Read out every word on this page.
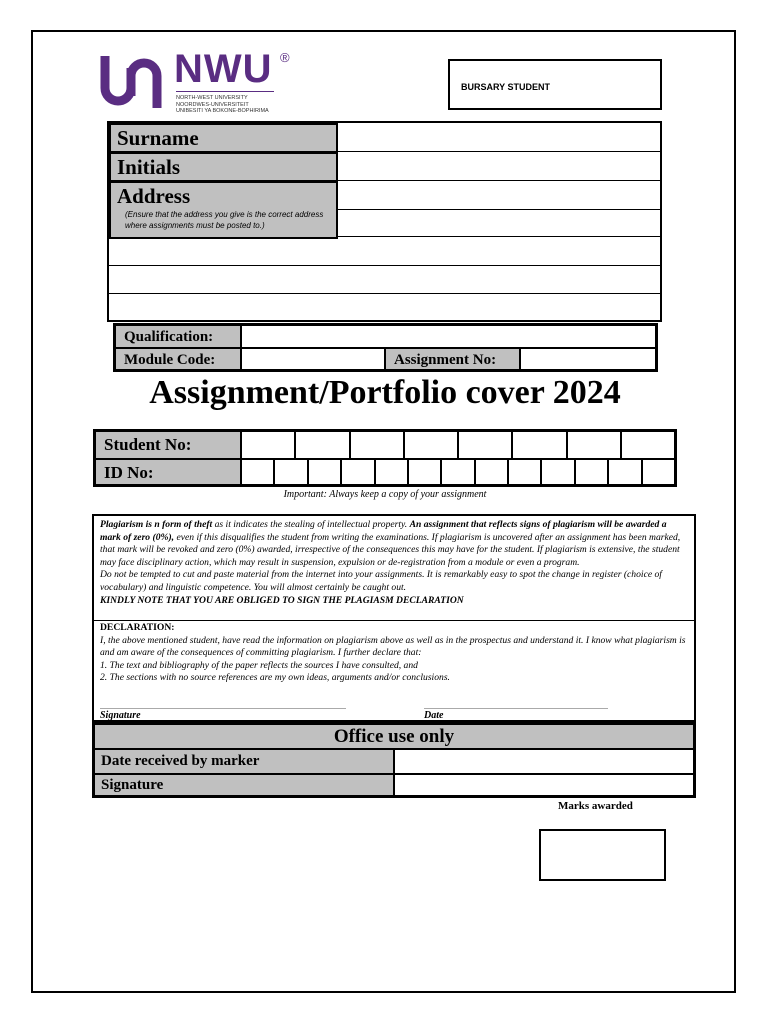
NWU ®
NORTH-WEST UNIVERSITY
NOORDWES-UNIVERSITEIT
UNIBESITI YA BOKONE-BOPHIRIMA
BURSARY STUDENT
Surname
Initials
Address
(Ensure that the address you give is the correct address where assignments must be posted to.)
Qualification:
Module Code:	Assignment No:
Assignment/Portfolio cover 2024
Student No:
ID No:
Important: Always keep a copy of your assignment
Plagiarism is n form of theft as it indicates the stealing of intellectual property. An assignment that reflects signs of plagiarism will be awarded a mark of zero (0%), even if this disqualifies the student from writing the examinations. If plagiarism is uncovered after an assignment has been marked, that mark will be revoked and zero (0%) awarded, irrespective of the consequences this may have for the student. If plagiarism is extensive, the student may face disciplinary action, which may result in suspension, expulsion or de-registration from a module or even a program.
Do not be tempted to cut and paste material from the internet into your assignments. It is remarkably easy to spot the change in register (choice of vocabulary) and linguistic competence. You will almost certainly be caught out.
KINDLY NOTE THAT YOU ARE OBLIGED TO SIGN THE PLAGIASM DECLARATION
DECLARATION:
I, the above mentioned student, have read the information on plagiarism above as well as in the prospectus and understand it. I know what plagiarism is and am aware of the consequences of committing plagiarism. I further declare that:
1. The text and bibliography of the paper reflects the sources I have consulted, and
2. The sections with no source references are my own ideas, arguments and/or conclusions.
Signature	Date
Office use only
Date received by marker
Signature
Marks awarded
